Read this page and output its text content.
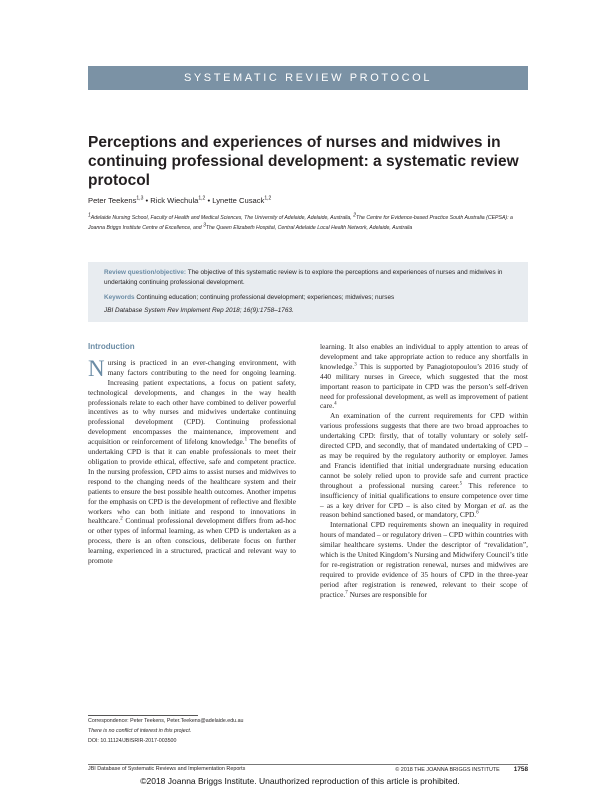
SYSTEMATIC REVIEW PROTOCOL
Perceptions and experiences of nurses and midwives in continuing professional development: a systematic review protocol
Peter Teekens$^{1,3}$ • Rick Wiechula$^{1,2}$ • Lynette Cusack$^{1,2}$
$^1$Adelaide Nursing School, Faculty of Health and Medical Sciences, The University of Adelaide, Adelaide, Australia, $^2$The Centre for Evidence-based Practice South Australia (CEPSA): a Joanna Briggs Institute Centre of Excellence, and $^3$The Queen Elizabeth Hospital, Central Adelaide Local Health Network, Adelaide, Australia
Review question/objective: The objective of this systematic review is to explore the perceptions and experiences of nurses and midwives in undertaking continuing professional development.
Keywords Continuing education; continuing professional development; experiences; midwives; nurses
JBI Database System Rev Implement Rep 2018; 16(9):1758–1763.
Introduction

Nursing is practiced in an ever-changing environment, with many factors contributing to the need for ongoing learning. Increasing patient expectations, a focus on patient safety, technological developments, and changes in the way health professionals relate to each other have combined to deliver powerful incentives as to why nurses and midwives undertake continuing professional development (CPD). Continuing professional development encompasses the maintenance, improvement and acquisition or reinforcement of lifelong knowledge.$^1$ The benefits of undertaking CPD is that it can enable professionals to meet their obligation to provide ethical, effective, safe and competent practice. In the nursing profession, CPD aims to assist nurses and midwives to respond to the changing needs of the healthcare system and their patients to ensure the best possible health outcomes. Another impetus for the emphasis on CPD is the development of reflective and flexible workers who can both initiate and respond to innovations in healthcare.$^2$ Continual professional development differs from ad-hoc or other types of informal learning, as when CPD is undertaken as a process, there is an often conscious, deliberate focus on further learning, experienced in a structured, practical and relevant way to promote

learning. It also enables an individual to apply attention to areas of development and take appropriate action to reduce any shortfalls in knowledge.$^3$ This is supported by Panagiotopoulou’s 2016 study of 440 military nurses in Greece, which suggested that the most important reason to participate in CPD was the person’s self-driven need for professional development, as well as improvement of patient care.$^4$

An examination of the current requirements for CPD within various professions suggests that there are two broad approaches to undertaking CPD: firstly, that of totally voluntary or solely self-directed CPD, and secondly, that of mandated undertaking of CPD – as may be required by the regulatory authority or employer. James and Francis identified that initial undergraduate nursing education cannot be solely relied upon to provide safe and current practice throughout a professional nursing career.$^5$ This reference to insufficiency of initial qualifications to ensure competence over time – as a key driver for CPD – is also cited by Morgan et al. as the reason behind sanctioned based, or mandatory, CPD.$^6$

International CPD requirements shown an inequality in required hours of mandated – or regulatory driven – CPD within countries with similar healthcare systems. Under the descriptor of “revalidation”, which is the United Kingdom’s Nursing and Midwifery Council’s title for re-registration or registration renewal, nurses and midwives are required to provide evidence of 35 hours of CPD in the three-year period after registration is renewed, relevant to their scope of practice.$^7$ Nurses are responsible for

Correspondence: Peter Teekens, Peter.Teekens@adelaide.edu.au
There is no conflict of interest in this project.
DOI: 10.11124/JBISRIR-2017-003500
JBI Database of Systematic Reviews and Implementation Reports	© 2018 THE JOANNA BRIGGS INSTITUTE 1758
©2018 Joanna Briggs Institute. Unauthorized reproduction of this article is prohibited.
